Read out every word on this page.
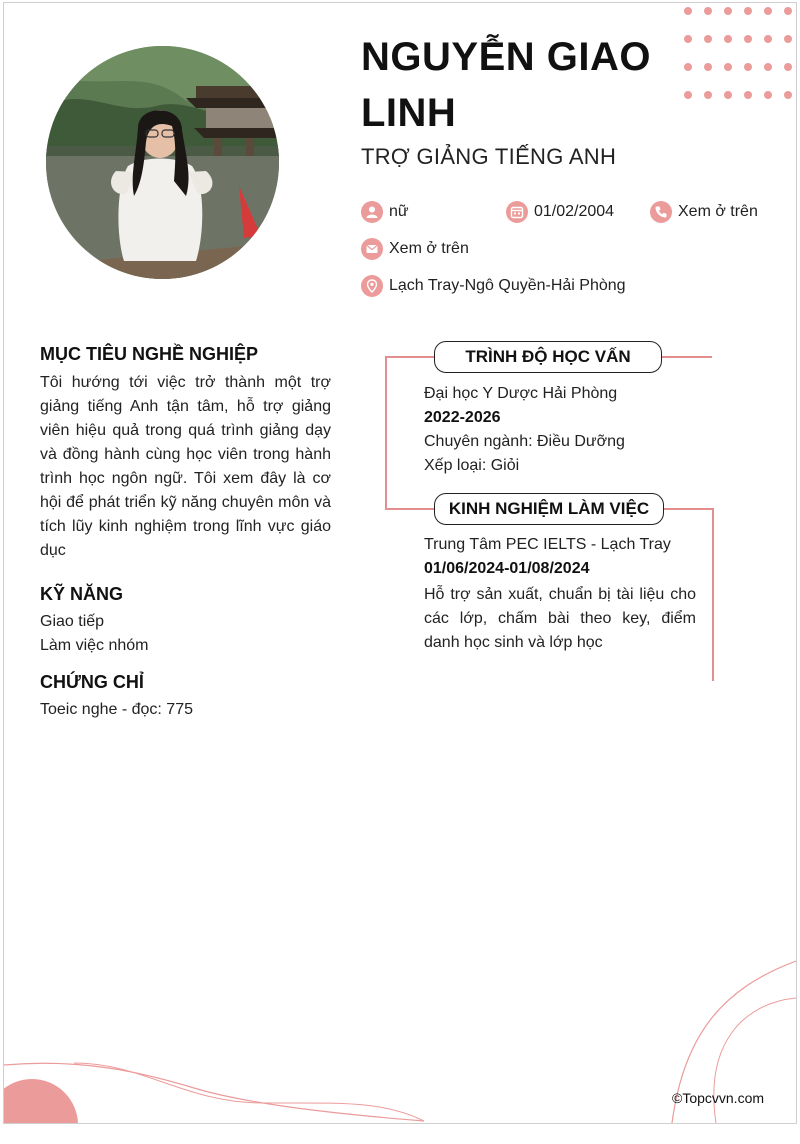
NGUYỄN GIAO LINH
TRỢ GIẢNG TIẾNG ANH
nữ	01/02/2004	Xem ở trên
Xem ở trên
Lạch Tray-Ngô Quyền-Hải Phòng
MỤC TIÊU NGHỀ NGHIỆP

Tôi hướng tới việc trở thành một trợ giảng tiếng Anh tận tâm, hỗ trợ giảng viên hiệu quả trong quá trình giảng dạy và đồng hành cùng học viên trong hành trình học ngôn ngữ. Tôi xem đây là cơ hội để phát triển kỹ năng chuyên môn và tích lũy kinh nghiệm trong lĩnh vực giáo dục

KỸ NĂNG
Giao tiếp
Làm việc nhóm
CHỨNG CHỈ
Toeic nghe - đọc: 775
TRÌNH ĐỘ HỌC VẤN
Đại học Y Dược Hải Phòng
2022-2026
Chuyên ngành: Điều Dưỡng
Xếp loại: Giỏi
KINH NGHIỆM LÀM VIỆC
Trung Tâm PEC IELTS - Lạch Tray
01/06/2024-01/08/2024

Hỗ trợ sản xuất, chuẩn bị tài liệu cho các lớp, chấm bài theo key, điểm danh học sinh và lớp học

©Topcvvn.com
